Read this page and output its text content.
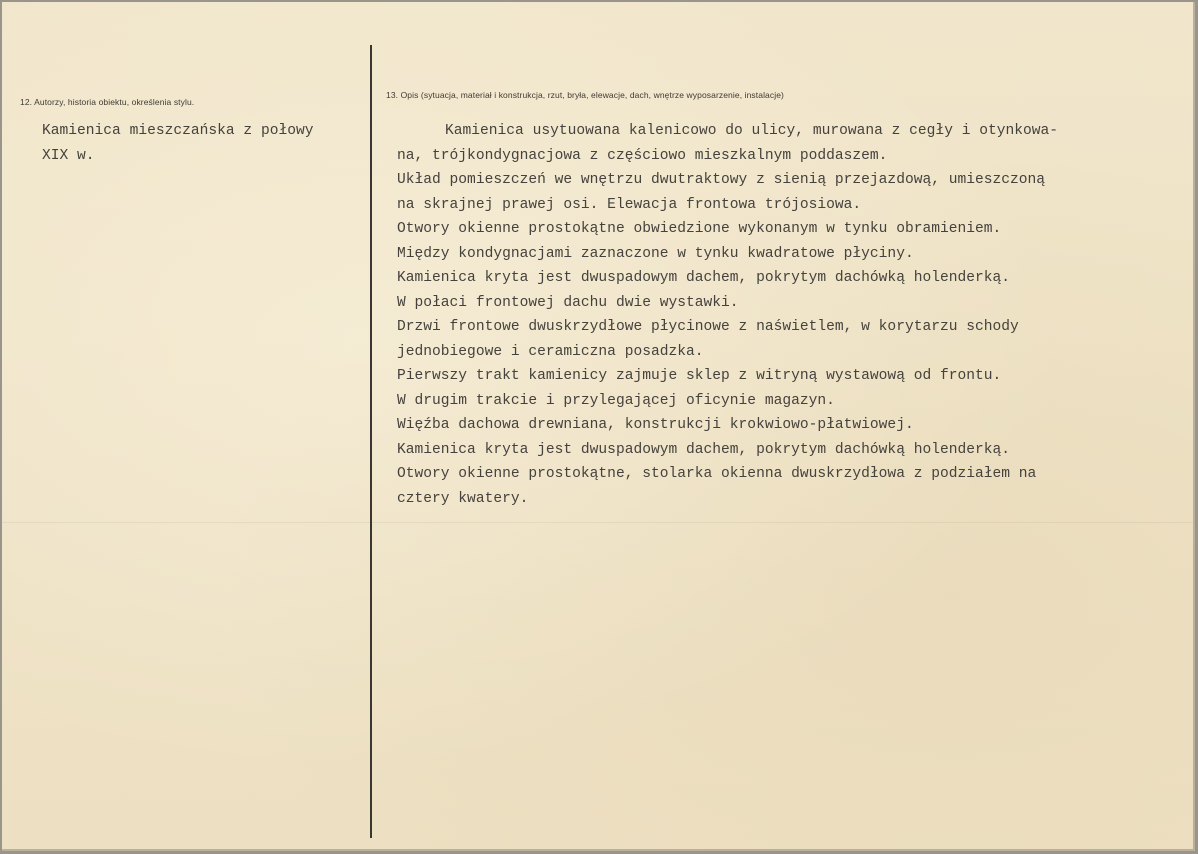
12. Autorzy, historia obiektu, określenia stylu.
13. Opis (sytuacja, materiał i konstrukcja, rzut, bryła, elewacje, dach, wnętrze wyposarzenie, instalacje)
Kamienica mieszczańska z połowy
XIX w.
Kamienica usytuowana kalenicowo do ulicy, murowana z cegły i otynkowa-
na, trójkondygnacjowa z częściowo mieszkalnym poddaszem.
Układ pomieszczeń we wnętrzu dwutraktowy z sienią przejazdową, umieszczoną
na skrajnej prawej osi. Elewacja frontowa trójosiowa.
Otwory okienne prostokątne obwiedzione wykonanym w tynku obramieniem.
Między kondygnacjami zaznaczone w tynku kwadratowe płyciny.
Kamienica kryta jest dwuspadowym dachem, pokrytym dachówką holenderką.
W połaci frontowej dachu dwie wystawki.
Drzwi frontowe dwuskrzydłowe płycinowe z naświetlem, w korytarzu schody
jednobiegowe i ceramiczna posadzka.
Pierwszy trakt kamienicy zajmuje sklep z witryną wystawową od frontu.
W drugim trakcie i przylegającej oficynie magazyn.
Więźba dachowa drewniana, konstrukcji krokwiowo-płatwiowej.
Kamienica kryta jest dwuspadowym dachem, pokrytym dachówką holenderką.
Otwory okienne prostokątne, stolarka okienna dwuskrzydłowa z podziałem na
cztery kwatery.
